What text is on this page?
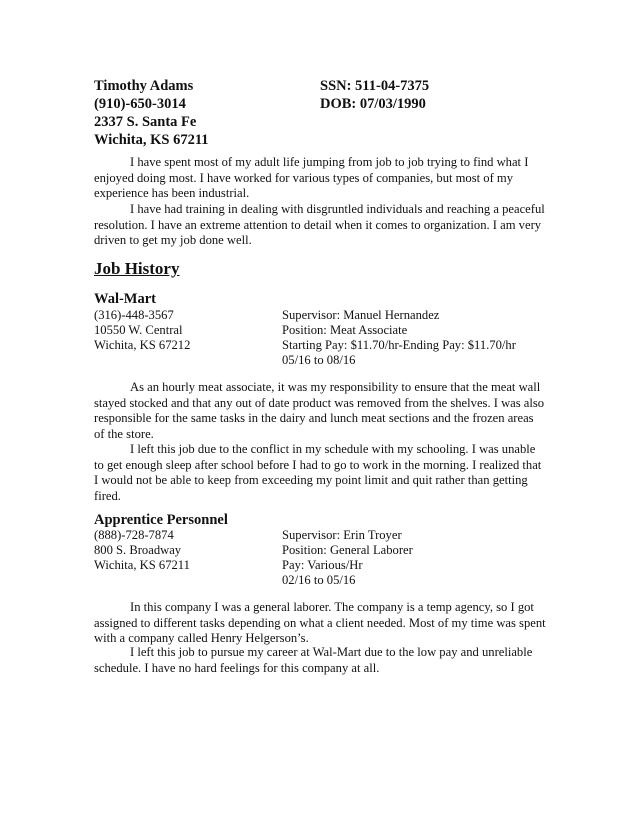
Timothy Adams
(910)-650-3014
2337 S. Santa Fe
Wichita, KS 67211
SSN: 511-04-7375
DOB: 07/03/1990
I have spent most of my adult life jumping from job to job trying to find what I enjoyed doing most. I have worked for various types of companies, but most of my experience has been industrial.
I have had training in dealing with disgruntled individuals and reaching a peaceful resolution. I have an extreme attention to detail when it comes to organization. I am very driven to get my job done well.
Job History
Wal-Mart
(316)-448-3567
10550 W. Central
Wichita, KS 67212
Supervisor: Manuel Hernandez
Position: Meat Associate
Starting Pay: $11.70/hr-Ending Pay: $11.70/hr
05/16 to 08/16
As an hourly meat associate, it was my responsibility to ensure that the meat wall stayed stocked and that any out of date product was removed from the shelves. I was also responsible for the same tasks in the dairy and lunch meat sections and the frozen areas of the store.
I left this job due to the conflict in my schedule with my schooling. I was unable to get enough sleep after school before I had to go to work in the morning. I realized that I would not be able to keep from exceeding my point limit and quit rather than getting fired.
Apprentice Personnel
(888)-728-7874
800 S. Broadway
Wichita, KS 67211
Supervisor: Erin Troyer
Position: General Laborer
Pay: Various/Hr
02/16 to 05/16
In this company I was a general laborer. The company is a temp agency, so I got assigned to different tasks depending on what a client needed. Most of my time was spent with a company called Henry Helgerson’s.
I left this job to pursue my career at Wal-Mart due to the low pay and unreliable schedule. I have no hard feelings for this company at all.
